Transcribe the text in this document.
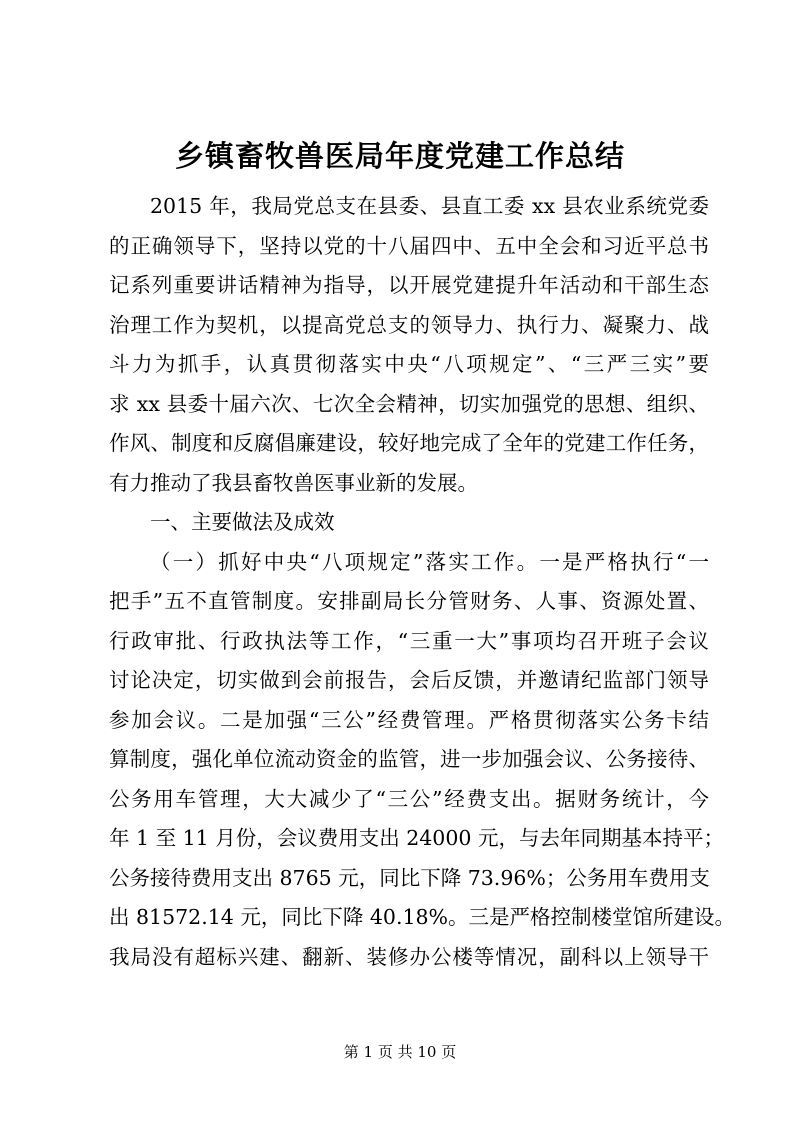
乡镇畜牧兽医局年度党建工作总结
2015 年，我局党总支在县委、县直工委 xx 县农业系统党委
的正确领导下，坚持以党的十八届四中、五中全会和习近平总书
记系列重要讲话精神为指导，以开展党建提升年活动和干部生态
治理工作为契机，以提高党总支的领导力、执行力、凝聚力、战
斗力为抓手，认真贯彻落实中央“八项规定”、“三严三实”要
求 xx 县委十届六次、七次全会精神，切实加强党的思想、组织、
作风、制度和反腐倡廉建设，较好地完成了全年的党建工作任务，
有力推动了我县畜牧兽医事业新的发展。
一、主要做法及成效
（一）抓好中央“八项规定”落实工作。一是严格执行“一
把手”五不直管制度。安排副局长分管财务、人事、资源处置、
行政审批、行政执法等工作，“三重一大”事项均召开班子会议
讨论决定，切实做到会前报告，会后反馈，并邀请纪监部门领导
参加会议。二是加强“三公”经费管理。严格贯彻落实公务卡结
算制度，强化单位流动资金的监管，进一步加强会议、公务接待、
公务用车管理，大大减少了“三公”经费支出。据财务统计，今
年 1 至 11 月份，会议费用支出 24000 元，与去年同期基本持平；
公务接待费用支出 8765 元，同比下降 73.96%；公务用车费用支
出 81572.14 元，同比下降 40.18%。三是严格控制楼堂馆所建设。
我局没有超标兴建、翻新、装修办公楼等情况，副科以上领导干
第 1 页 共 10 页
